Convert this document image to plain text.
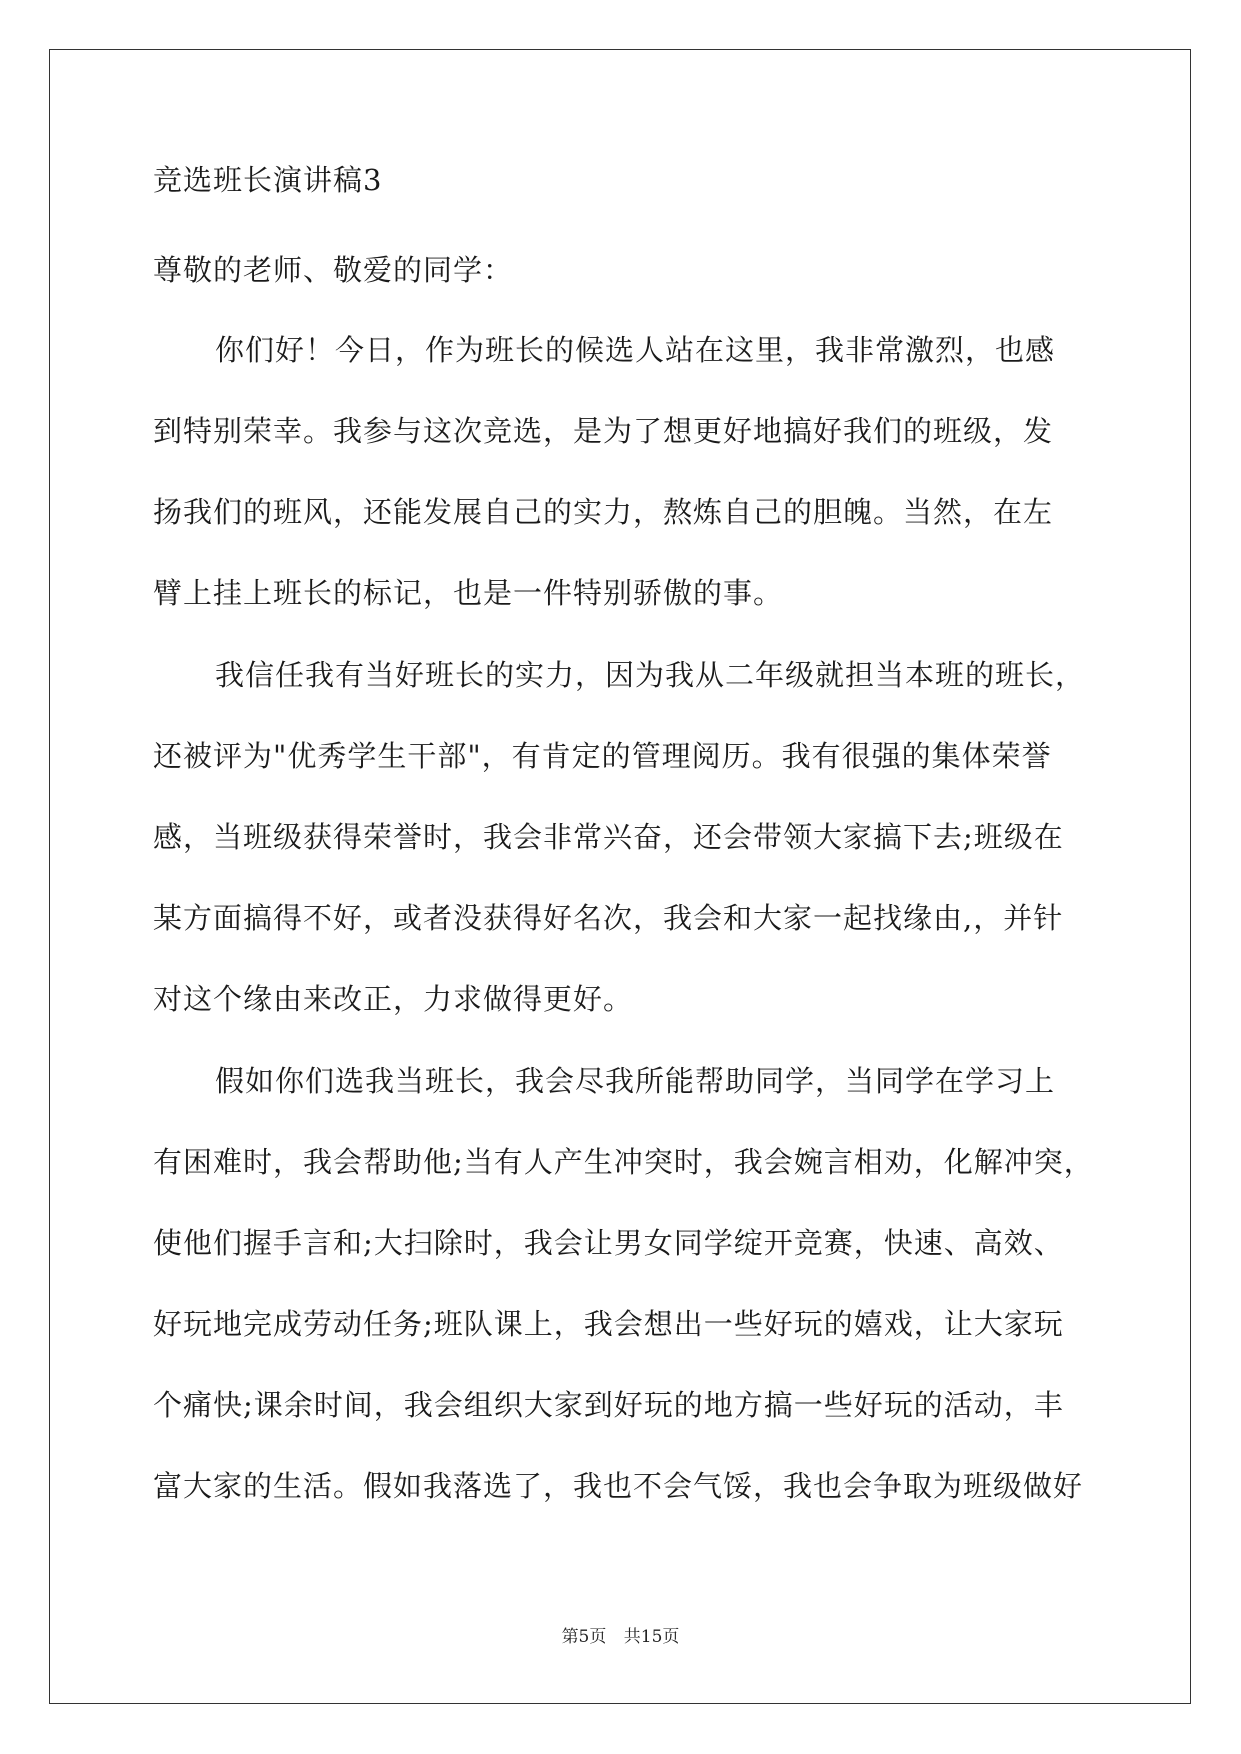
竞选班长演讲稿3
尊敬的老师、敬爱的同学：
你们好！今日，作为班长的候选人站在这里，我非常激烈，也感
到特别荣幸。我参与这次竞选，是为了想更好地搞好我们的班级，发
扬我们的班风，还能发展自己的实力，熬炼自己的胆魄。当然，在左
臂上挂上班长的标记，也是一件特别骄傲的事。
我信任我有当好班长的实力，因为我从二年级就担当本班的班长，
还被评为"优秀学生干部"，有肯定的管理阅历。我有很强的集体荣誉
感，当班级获得荣誉时，我会非常兴奋，还会带领大家搞下去;班级在
某方面搞得不好，或者没获得好名次，我会和大家一起找缘由,，并针
对这个缘由来改正，力求做得更好。
假如你们选我当班长，我会尽我所能帮助同学，当同学在学习上
有困难时，我会帮助他;当有人产生冲突时，我会婉言相劝，化解冲突，
使他们握手言和;大扫除时，我会让男女同学绽开竞赛，快速、高效、
好玩地完成劳动任务;班队课上，我会想出一些好玩的嬉戏，让大家玩
个痛快;课余时间，我会组织大家到好玩的地方搞一些好玩的活动，丰
富大家的生活。假如我落选了，我也不会气馁，我也会争取为班级做好
第5页 共15页
